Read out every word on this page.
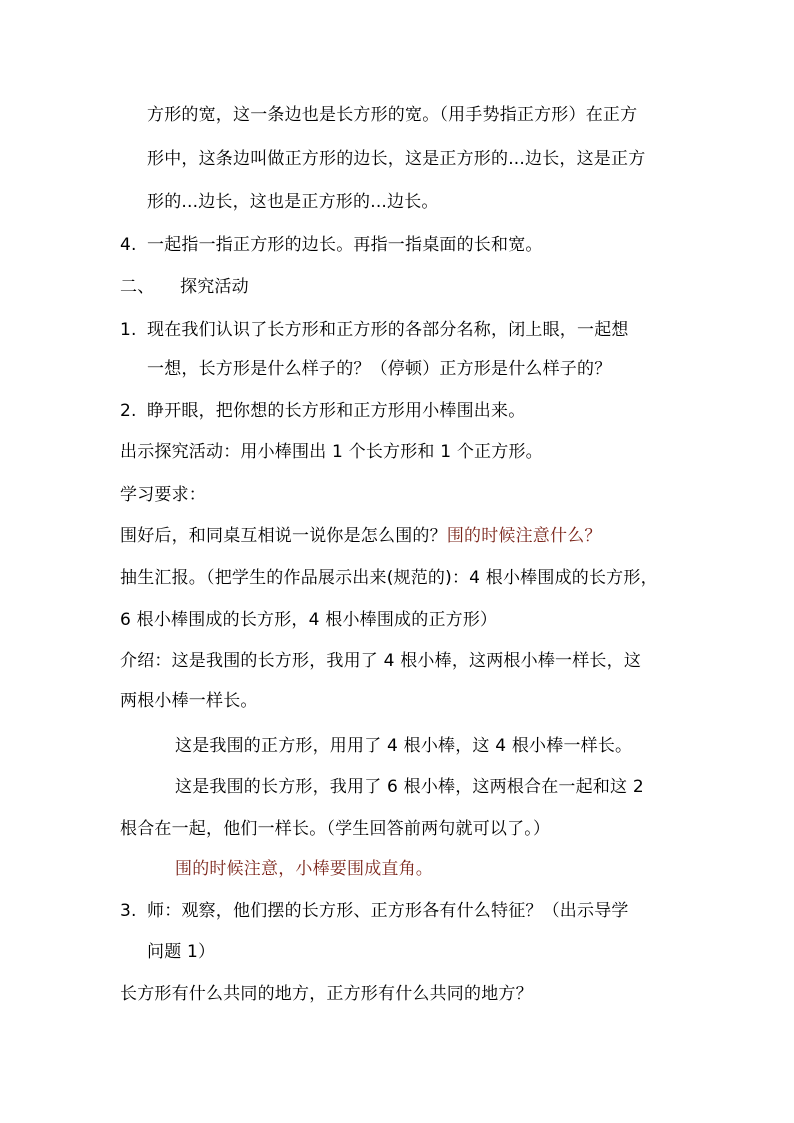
方形的宽，这一条边也是长方形的宽。（用手势指正方形）在正方
形中，这条边叫做正方形的边长，这是正方形的...边长，这是正方
形的...边长，这也是正方形的...边长。
4. 一起指一指正方形的边长。再指一指桌面的长和宽。
二、 探究活动
1. 现在我们认识了长方形和正方形的各部分名称，闭上眼，一起想
一想，长方形是什么样子的？（停顿）正方形是什么样子的？
2. 睁开眼，把你想的长方形和正方形用小棒围出来。
出示探究活动：用小棒围出 1 个长方形和 1 个正方形。
学习要求：
围好后，和同桌互相说一说你是怎么围的？围的时候注意什么？
抽生汇报。（把学生的作品展示出来(规范的)：4 根小棒围成的长方形，
6 根小棒围成的长方形，4 根小棒围成的正方形）
介绍：这是我围的长方形，我用了 4 根小棒，这两根小棒一样长，这
两根小棒一样长。
这是我围的正方形，用用了 4 根小棒，这 4 根小棒一样长。
这是我围的长方形，我用了 6 根小棒，这两根合在一起和这 2
根合在一起，他们一样长。（学生回答前两句就可以了。）
围的时候注意，小棒要围成直角。
3. 师：观察，他们摆的长方形、正方形各有什么特征？（出示导学
问题 1）
长方形有什么共同的地方，正方形有什么共同的地方？
